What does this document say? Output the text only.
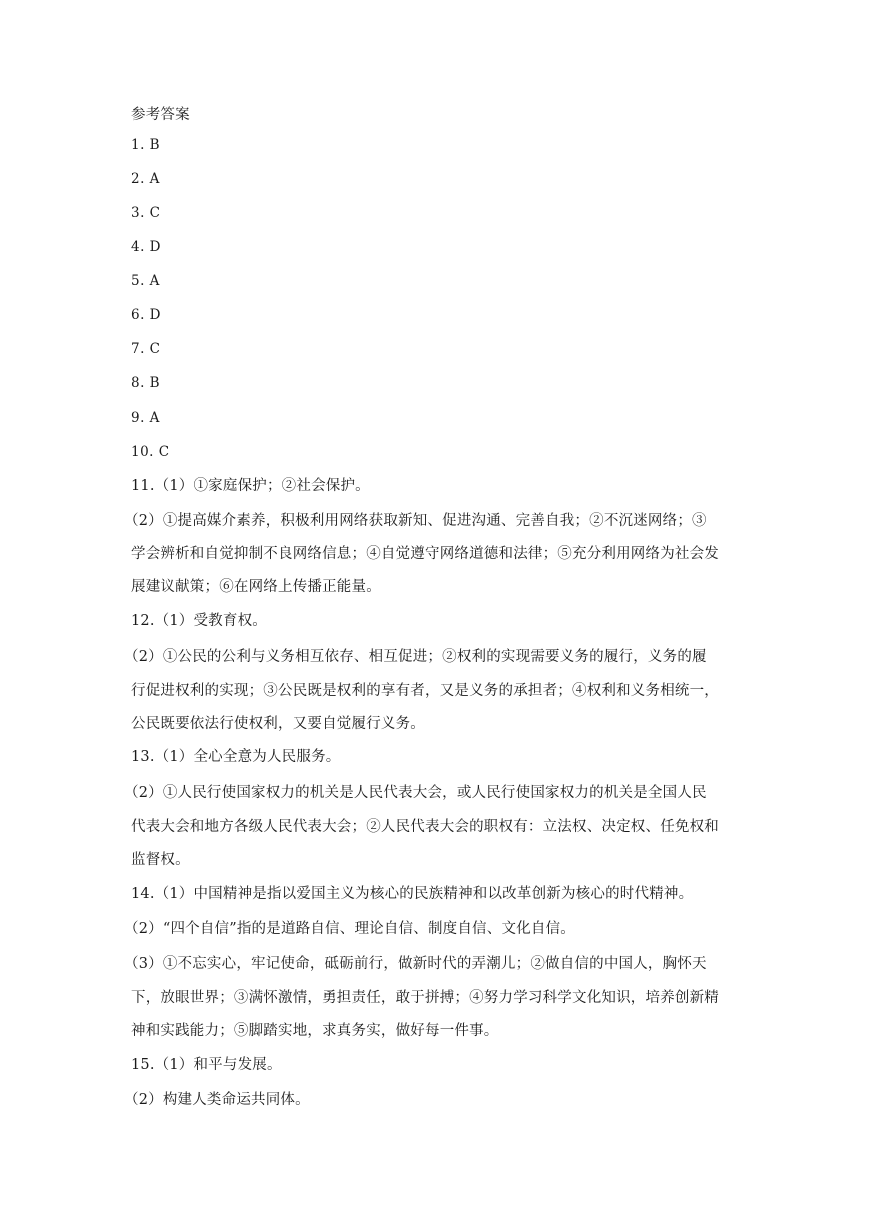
参考答案
1. B
2. A
3. C
4. D
5. A
6. D
7. C
8. B
9. A
10. C
11.（1）①家庭保护；②社会保护。
（2）①提高媒介素养，积极利用网络获取新知、促进沟通、完善自我；②不沉迷网络；③
学会辨析和自觉抑制不良网络信息；④自觉遵守网络道德和法律；⑤充分利用网络为社会发
展建议献策；⑥在网络上传播正能量。
12.（1）受教育权。
（2）①公民的公利与义务相互依存、相互促进；②权利的实现需要义务的履行，义务的履
行促进权利的实现；③公民既是权利的享有者，又是义务的承担者；④权利和义务相统一，
公民既要依法行使权利，又要自觉履行义务。
13.（1）全心全意为人民服务。
（2）①人民行使国家权力的机关是人民代表大会，或人民行使国家权力的机关是全国人民
代表大会和地方各级人民代表大会；②人民代表大会的职权有：立法权、决定权、任免权和
监督权。
14.（1）中国精神是指以爱国主义为核心的民族精神和以改革创新为核心的时代精神。
（2）“四个自信”指的是道路自信、理论自信、制度自信、文化自信。
（3）①不忘实心，牢记使命，砥砺前行，做新时代的弄潮儿；②做自信的中国人，胸怀天
下，放眼世界；③满怀激情，勇担责任，敢于拼搏；④努力学习科学文化知识，培养创新精
神和实践能力；⑤脚踏实地，求真务实，做好每一件事。
15.（1）和平与发展。
（2）构建人类命运共同体。
